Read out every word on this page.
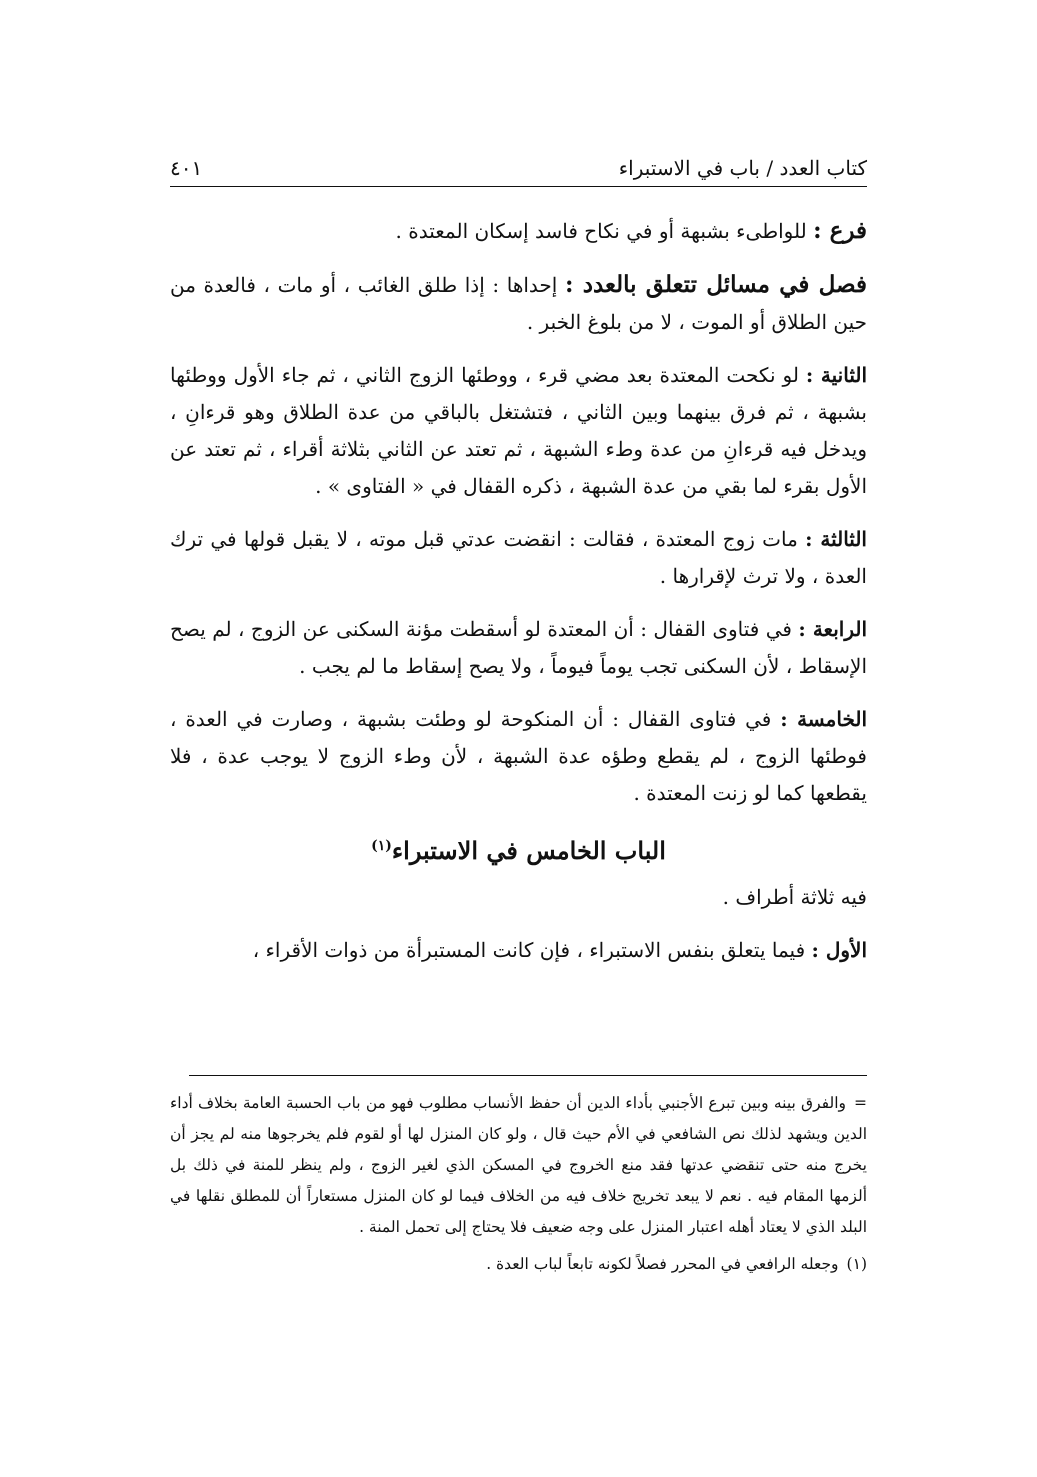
٤٠١	كتاب العدد / باب في الاستبراء

فرع : للواطىء بشبهة أو في نكاح فاسد إسكان المعتدة .

فصل في مسائل تتعلق بالعدد : إحداها : إذا طلق الغائب ، أو مات ، فالعدة من حين الطلاق أو الموت ، لا من بلوغ الخبر .

الثانية : لو نكحت المعتدة بعد مضي قرء ، ووطئها الزوج الثاني ، ثم جاء الأول ووطئها بشبهة ، ثم فرق بينهما وبين الثاني ، فتشتغل بالباقي من عدة الطلاق وهو قرءانِ ، ويدخل فيه قرءانِ من عدة وطء الشبهة ، ثم تعتد عن الثاني بثلاثة أقراء ، ثم تعتد عن الأول بقرء لما بقي من عدة الشبهة ، ذكره القفال في « الفتاوى » .

الثالثة : مات زوج المعتدة ، فقالت : انقضت عدتي قبل موته ، لا يقبل قولها في ترك العدة ، ولا ترث لإقرارها .

الرابعة : في فتاوى القفال : أن المعتدة لو أسقطت مؤنة السكنى عن الزوج ، لم يصح الإسقاط ، لأن السكنى تجب يوماً فيوماً ، ولا يصح إسقاط ما لم يجب .

الخامسة : في فتاوى القفال : أن المنكوحة لو وطئت بشبهة ، وصارت في العدة ، فوطئها الزوج ، لم يقطع وطؤه عدة الشبهة ، لأن وطء الزوج لا يوجب عدة ، فلا يقطعها كما لو زنت المعتدة .

الباب الخامس في الاستبراء$^{(١)}$

فيه ثلاثة أطراف .

الأول : فيما يتعلق بنفس الاستبراء ، فإن كانت المستبرأة من ذوات الأقراء ،

=والفرق بينه وبين تبرع الأجنبي بأداء الدين أن حفظ الأنساب مطلوب فهو من باب الحسبة العامة بخلاف أداء الدين ويشهد لذلك نص الشافعي في الأم حيث قال ، ولو كان المنزل لها أو لقوم فلم يخرجوها منه لم يجز أن يخرج منه حتى تنقضي عدتها فقد منع الخروج في المسكن الذي لغير الزوج ، ولم ينظر للمنة في ذلك بل ألزمها المقام فيه . نعم لا يبعد تخريج خلاف فيه من الخلاف فيما لو كان المنزل مستعاراً أن للمطلق نقلها في البلد الذي لا يعتاد أهله اعتبار المنزل على وجه ضعيف فلا يحتاج إلى تحمل المنة .

(١)وجعله الرافعي في المحرر فصلاً لكونه تابعاً لباب العدة .
